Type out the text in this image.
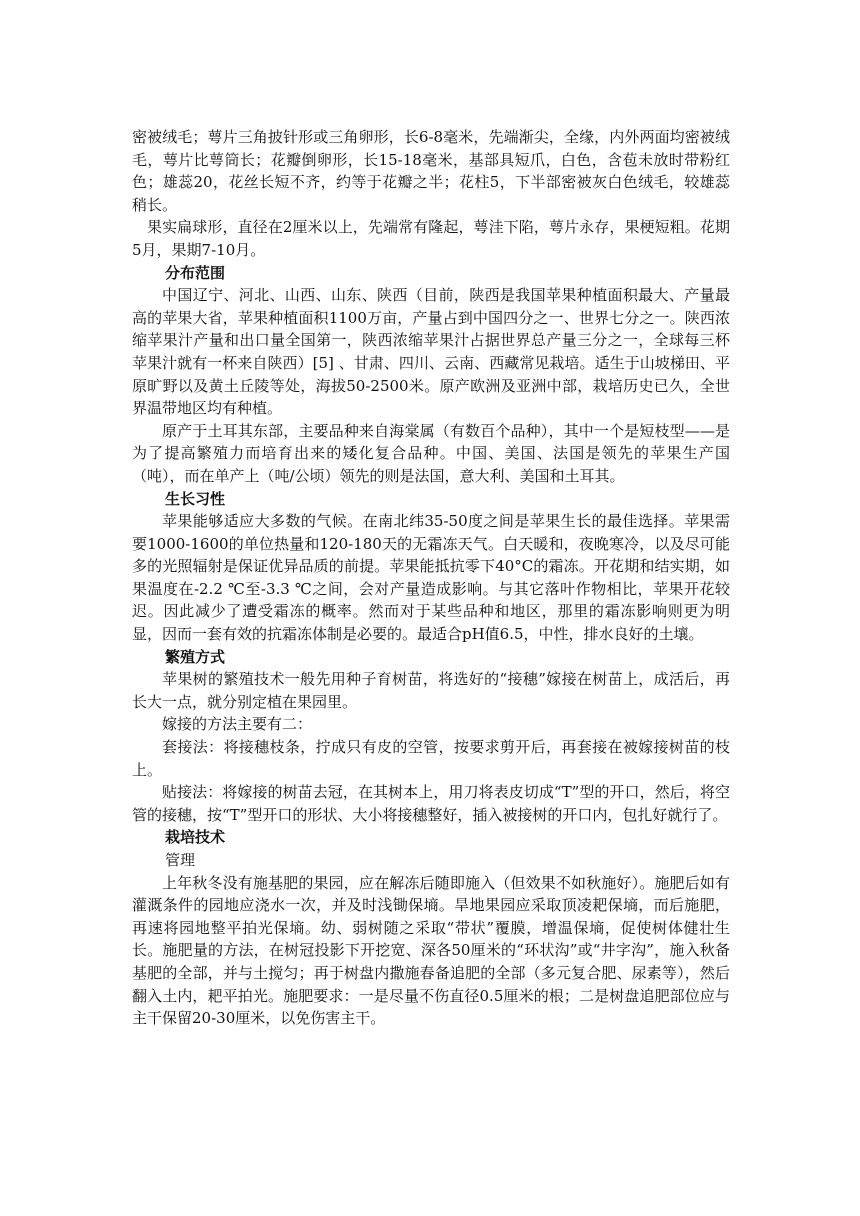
密被绒毛；萼片三角披针形或三角卵形，长6-8毫米，先端渐尖，全缘，内外两面均密被绒毛，萼片比萼筒长；花瓣倒卵形，长15-18毫米，基部具短爪，白色，含苞未放时带粉红色；雄蕊20，花丝长短不齐，约等于花瓣之半；花柱5，下半部密被灰白色绒毛，较雄蕊稍长。

果实扁球形，直径在2厘米以上，先端常有隆起，萼洼下陷，萼片永存，果梗短粗。花期5月，果期7-10月。

分布范围

中国辽宁、河北、山西、山东、陕西（目前，陕西是我国苹果种植面积最大、产量最高的苹果大省，苹果种植面积1100万亩，产量占到中国四分之一、世界七分之一。陕西浓缩苹果汁产量和出口量全国第一，陕西浓缩苹果汁占据世界总产量三分之一，全球每三杯苹果汁就有一杯来自陕西）[5] 、甘肃、四川、云南、西藏常见栽培。适生于山坡梯田、平原旷野以及黄土丘陵等处，海拔50-2500米。原产欧洲及亚洲中部，栽培历史已久，全世界温带地区均有种植。

原产于土耳其东部，主要品种来自海棠属（有数百个品种），其中一个是短枝型——是为了提高繁殖力而培育出来的矮化复合品种。中国、美国、法国是领先的苹果生产国（吨），而在单产上（吨/公顷）领先的则是法国，意大利、美国和土耳其。

生长习性

苹果能够适应大多数的气候。在南北纬35-50度之间是苹果生长的最佳选择。苹果需要1000-1600的单位热量和120-180天的无霜冻天气。白天暖和，夜晚寒冷，以及尽可能多的光照辐射是保证优异品质的前提。苹果能抵抗零下40°C的霜冻。开花期和结实期，如果温度在-2.2 ℃至-3.3 ℃之间，会对产量造成影响。与其它落叶作物相比，苹果开花较迟。因此减少了遭受霜冻的概率。然而对于某些品种和地区，那里的霜冻影响则更为明显，因而一套有效的抗霜冻体制是必要的。最适合pH值6.5，中性，排水良好的土壤。

繁殖方式

苹果树的繁殖技术一般先用种子育树苗，将选好的“接穗”嫁接在树苗上，成活后，再长大一点，就分别定植在果园里。

嫁接的方法主要有二：

套接法：将接穗枝条，拧成只有皮的空管，按要求剪开后，再套接在被嫁接树苗的枝上。

贴接法：将嫁接的树苗去冠，在其树本上，用刀将表皮切成“T”型的开口，然后，将空管的接穗，按“T”型开口的形状、大小将接穗整好，插入被接树的开口内，包扎好就行了。

栽培技术

管理

上年秋冬没有施基肥的果园，应在解冻后随即施入（但效果不如秋施好）。施肥后如有灌溉条件的园地应浇水一次，并及时浅锄保墒。旱地果园应采取顶凌耙保墒，而后施肥，再速将园地整平拍光保墒。幼、弱树随之采取“带状”覆膜，增温保墒，促使树体健壮生长。施肥量的方法，在树冠投影下开挖宽、深各50厘米的“环状沟”或“井字沟”，施入秋备基肥的全部，并与土搅匀；再于树盘内撒施春备追肥的全部（多元复合肥、尿素等），然后翻入土内，耙平拍光。施肥要求：一是尽量不伤直径0.5厘米的根；二是树盘追肥部位应与主干保留20-30厘米，以免伤害主干。
